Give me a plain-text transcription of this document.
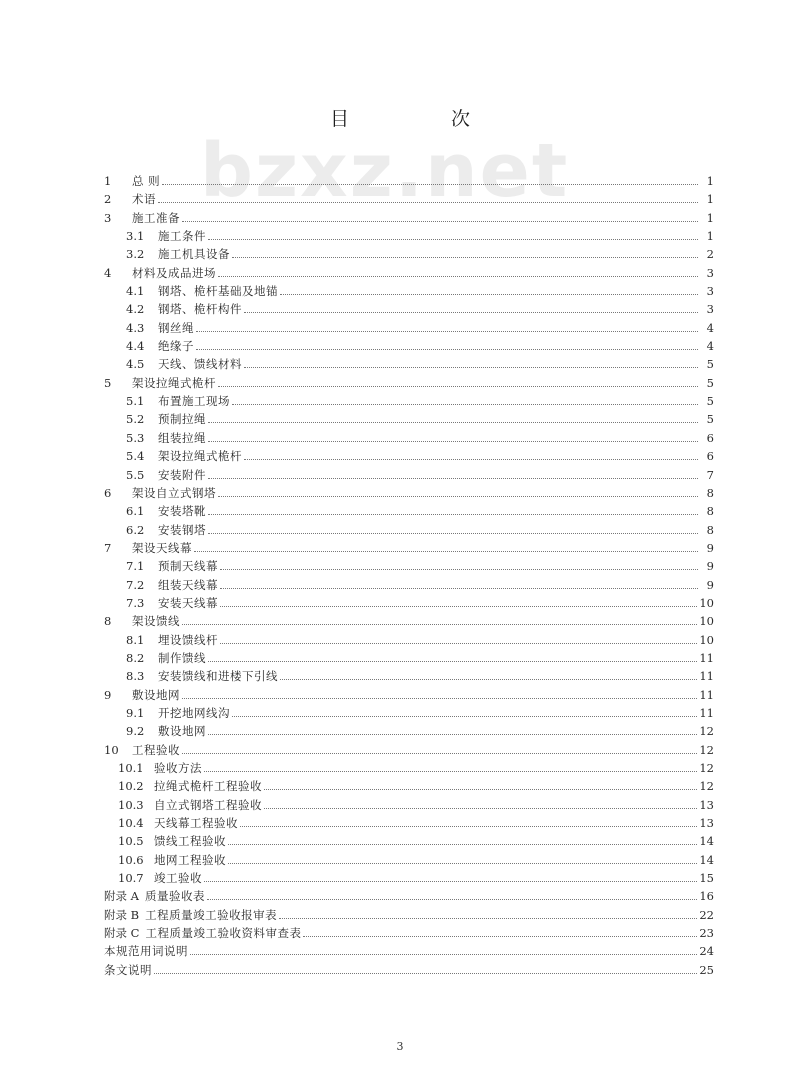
bzxz.net
目 次
1	总 则	1
2	术语	1
3	施工准备	1
3.1	施工条件	1
3.2	施工机具设备	2
4	材料及成品进场	3
4.1	钢塔、桅杆基础及地锚	3
4.2	钢塔、桅杆构件	3
4.3	钢丝绳	4
4.4	绝缘子	4
4.5	天线、馈线材料	5
5	架设拉绳式桅杆	5
5.1	布置施工现场	5
5.2	预制拉绳	5
5.3	组装拉绳	6
5.4	架设拉绳式桅杆	6
5.5	安装附件	7
6	架设自立式钢塔	8
6.1	安装塔靴	8
6.2	安装钢塔	8
7	架设天线幕	9
7.1	预制天线幕	9
7.2	组装天线幕	9
7.3	安装天线幕	10
8	架设馈线	10
8.1	埋设馈线杆	10
8.2	制作馈线	11
8.3	安装馈线和进楼下引线	11
9	敷设地网	11
9.1	开挖地网线沟	11
9.2	敷设地网	12
10	工程验收	12
10.1 验收方法	12
10.2 拉绳式桅杆工程验收	12
10.3 自立式钢塔工程验收	13
10.4 天线幕工程验收	13
10.5 馈线工程验收	14
10.6 地网工程验收	14
10.7 竣工验收	15
附录 A 质量验收表	16
附录 B 工程质量竣工验收报审表	22
附录 C 工程质量竣工验收资料审查表	23
本规范用词说明	24
条文说明	25
3
